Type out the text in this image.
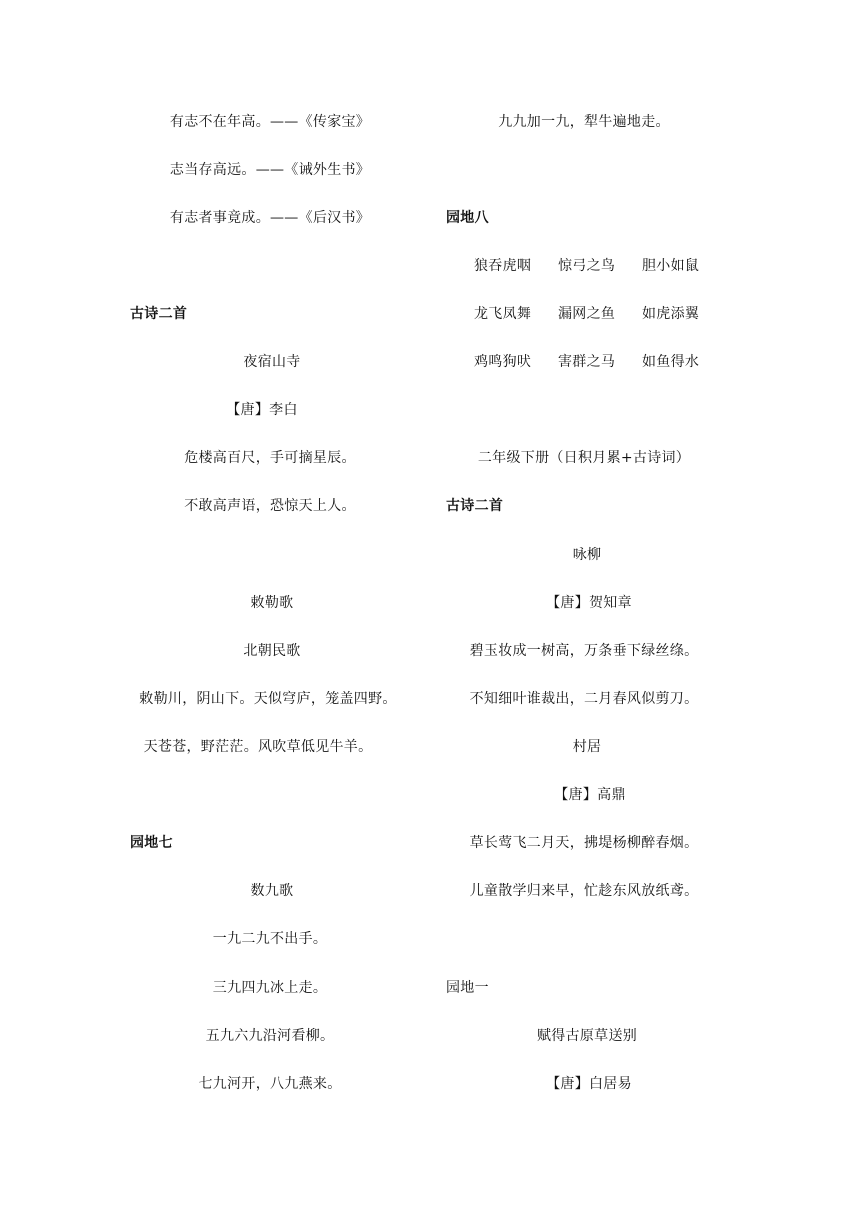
有志不在年高。——《传家宝》
志当存高远。——《诫外生书》
有志者事竟成。——《后汉书》
古诗二首
夜宿山寺
【唐】李白
危楼高百尺，手可摘星辰。
不敢高声语，恐惊天上人。
敕勒歌
北朝民歌
敕勒川，阴山下。天似穹庐，笼盖四野。
天苍苍，野茫茫。风吹草低见牛羊。
园地七
数九歌
一九二九不出手。
三九四九冰上走。
五九六九沿河看柳。
七九河开，八九燕来。
九九加一九，犁牛遍地走。
园地八
狼吞虎咽 惊弓之鸟 胆小如鼠
龙飞凤舞 漏网之鱼 如虎添翼
鸡鸣狗吠 害群之马 如鱼得水
二年级下册（日积月累+古诗词）
古诗二首
咏柳
【唐】贺知章
碧玉妆成一树高，万条垂下绿丝绦。
不知细叶谁裁出，二月春风似剪刀。
村居
【唐】高鼎
草长莺飞二月天，拂堤杨柳醉春烟。
儿童散学归来早，忙趁东风放纸鸢。
园地一
赋得古原草送别
【唐】白居易
